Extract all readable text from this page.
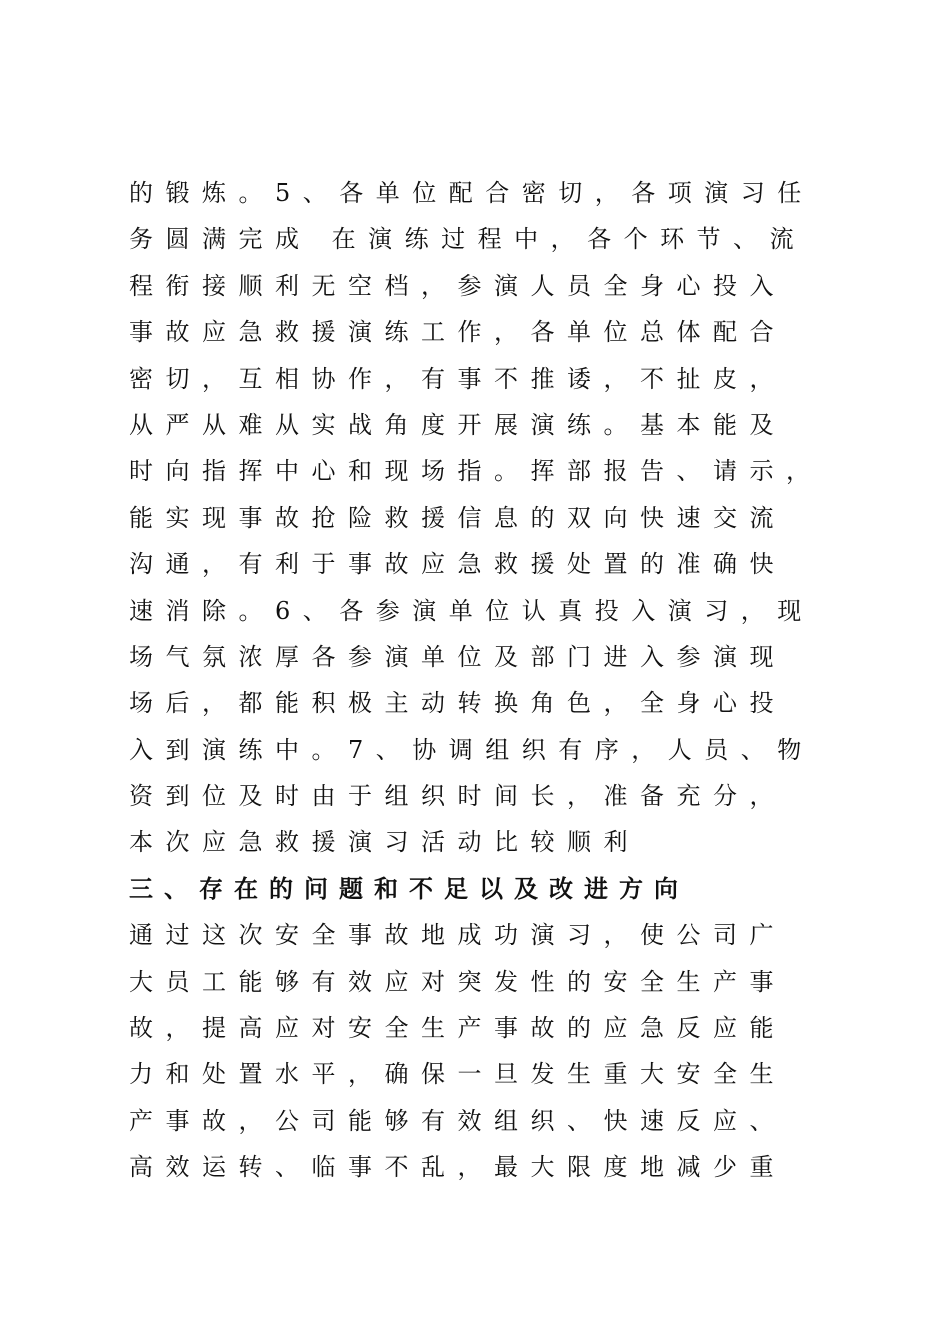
的锻炼。5、各单位配合密切，各项演习任
务圆满完成 在演练过程中，各个环节、流
程衔接顺利无空档，参演人员全身心投入
事故应急救援演练工作，各单位总体配合
密切，互相协作，有事不推诿，不扯皮，
从严从难从实战角度开展演练。基本能及
时向指挥中心和现场指。挥部报告、请示，
能实现事故抢险救援信息的双向快速交流
沟通，有利于事故应急救援处置的准确快
速消除。6、各参演单位认真投入演习，现
场气氛浓厚各参演单位及部门进入参演现
场后，都能积极主动转换角色，全身心投
入到演练中。7、协调组织有序，人员、物
资到位及时由于组织时间长，准备充分，
本次应急救援演习活动比较顺利
三、存在的问题和不足以及改进方向
通过这次安全事故地成功演习，使公司广
大员工能够有效应对突发性的安全生产事
故，提高应对安全生产事故的应急反应能
力和处置水平，确保一旦发生重大安全生
产事故，公司能够有效组织、快速反应、
高效运转、临事不乱，最大限度地减少重
